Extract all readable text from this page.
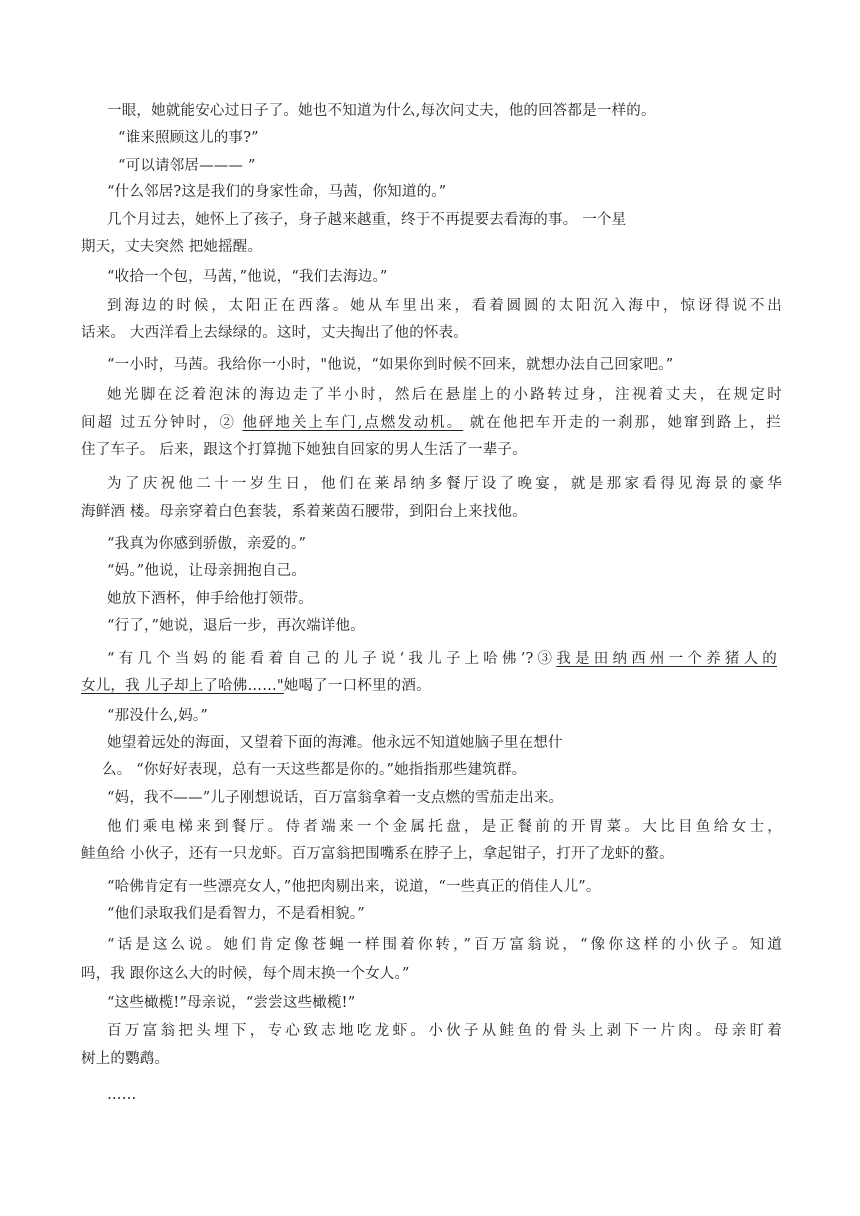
一眼，她就能安心过日子了。她也不知道为什么,每次问丈夫，他的回答都是一样的。
“谁来照顾这儿的事?”
“可以请邻居——— ”
“什么邻居?这是我们的身家性命，马茜，你知道的。”
几个月过去，她怀上了孩子，身子越来越重，终于不再提要去看海的事。 一个星
期天，丈夫突然 把她摇醒。
“收拾一个包，马茜，”他说，“我们去海边。”
到海边的时候，太阳正在西落。她从车里出来，看着圆圆的太阳沉入海中，惊讶得说不出
话来。 大西洋看上去绿绿的。这时，丈夫掏出了他的怀表。
“一小时，马茜。我给你一小时，"他说，“如果你到时候不回来，就想办法自己回家吧。”
她光脚在泛着泡沫的海边走了半小时，然后在悬崖上的小路转过身，注视着丈夫，在规定时
间超 过五分钟时，② 他砰地关上车门,点燃发动机。 就在他把车开走的一刹那，她窜到路上，拦
住了车子。 后来，跟这个打算抛下她独自回家的男人生活了一辈子。
为了庆祝他二十一岁生日，他们在莱昂纳多餐厅设了晚宴，就是那家看得见海景的豪华
海鲜酒 楼。母亲穿着白色套装，系着莱茵石腰带，到阳台上来找他。
“我真为你感到骄傲，亲爱的。”
“妈。”他说，让母亲拥抱自己。
她放下酒杯，伸手给他打领带。
“行了，”她说，退后一步，再次端详他。
“有几个当妈的能看着自己的儿子说‘我儿子上哈佛’?③我是田纳西州一个养猪人的
女儿，我 儿子却上了哈佛……"她喝了一口杯里的酒。
“那没什么,妈。”
她望着远处的海面，又望着下面的海滩。他永远不知道她脑子里在想什
么。 “你好好表现，总有一天这些都是你的。”她指指那些建筑群。
“妈，我不——”儿子刚想说话，百万富翁拿着一支点燃的雪茄走出来。
他们乘电梯来到餐厅。侍者端来一个金属托盘，是正餐前的开胃菜。大比目鱼给女士，
鲑鱼给 小伙子，还有一只龙虾。百万富翁把围嘴系在脖子上，拿起钳子，打开了龙虾的螯。
“哈佛肯定有一些漂亮女人，”他把肉剔出来，说道，“一些真正的俏佳人儿”。
“他们录取我们是看智力，不是看相貌。”
“话是这么说。她们肯定像苍蝇一样围着你转，”百万富翁说，“像你这样的小伙子。知道
吗，我 跟你这么大的时候，每个周末换一个女人。”
“这些橄榄!”母亲说，“尝尝这些橄榄!”
百万富翁把头埋下，专心致志地吃龙虾。小伙子从鲑鱼的骨头上剥下一片肉。母亲盯着
树上的鹦鹉。
……
